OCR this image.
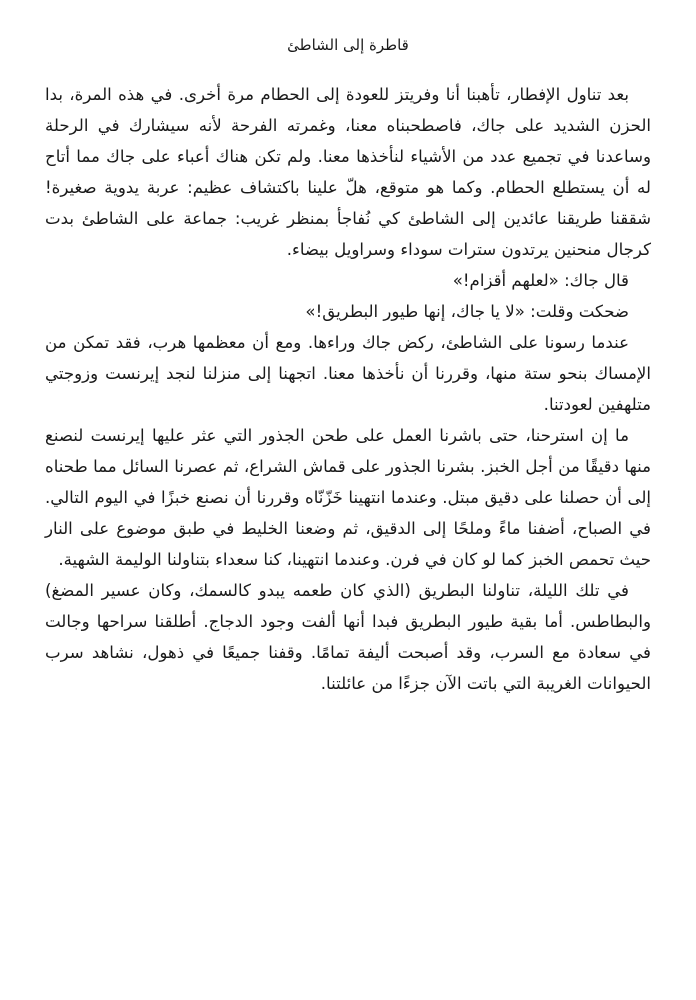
قاطرة إلى الشاطئ

بعد تناول الإفطار، تأهبنا أنا وفريتز للعودة إلى الحطام مرة أخرى. في هذه المرة، بدا الحزن الشديد على جاك، فاصطحبناه معنا، وغمرته الفرحة لأنه سيشارك في الرحلة وساعدنا في تجميع عدد من الأشياء لنأخذها معنا. ولم تكن هناك أعباء على جاك مما أتاح له أن يستطلع الحطام. وكما هو متوقع، هلّ علينا باكتشاف عظيم: عربة يدوية صغيرة! شققنا طريقنا عائدين إلى الشاطئ كي نُفاجأ بمنظر غريب: جماعة على الشاطئ بدت كرجال منحنين يرتدون سترات سوداء وسراويل بيضاء.

قال جاك: «لعلهم أقزام!»

ضحكت وقلت: «لا يا جاك، إنها طيور البطريق!»

عندما رسونا على الشاطئ، ركض جاك وراءها. ومع أن معظمها هرب، فقد تمكن من الإمساك بنحو ستة منها، وقررنا أن نأخذها معنا. اتجهنا إلى منزلنا لنجد إيرنست وزوجتي متلهفين لعودتنا.

ما إن استرحنا، حتى باشرنا العمل على طحن الجذور التي عثر عليها إيرنست لنصنع منها دقيقًا من أجل الخبز. بشرنا الجذور على قماش الشراع، ثم عصرنا السائل مما طحناه إلى أن حصلنا على دقيق مبتل. وعندما انتهينا خَزّنّاه وقررنا أن نصنع خبزًا في اليوم التالي. في الصباح، أضفنا ماءً وملحًا إلى الدقيق، ثم وضعنا الخليط في طبق موضوع على النار حيث تحمص الخبز كما لو كان في فرن. وعندما انتهينا، كنا سعداء بتناولنا الوليمة الشهية.

في تلك الليلة، تناولنا البطريق (الذي كان طعمه يبدو كالسمك، وكان عسير المضغ) والبطاطس. أما بقية طيور البطريق فبدا أنها ألفت وجود الدجاج. أطلقنا سراحها وجالت في سعادة مع السرب، وقد أصبحت أليفة تمامًا. وقفنا جميعًا في ذهول، نشاهد سرب الحيوانات الغريبة التي باتت الآن جزءًا من عائلتنا.
